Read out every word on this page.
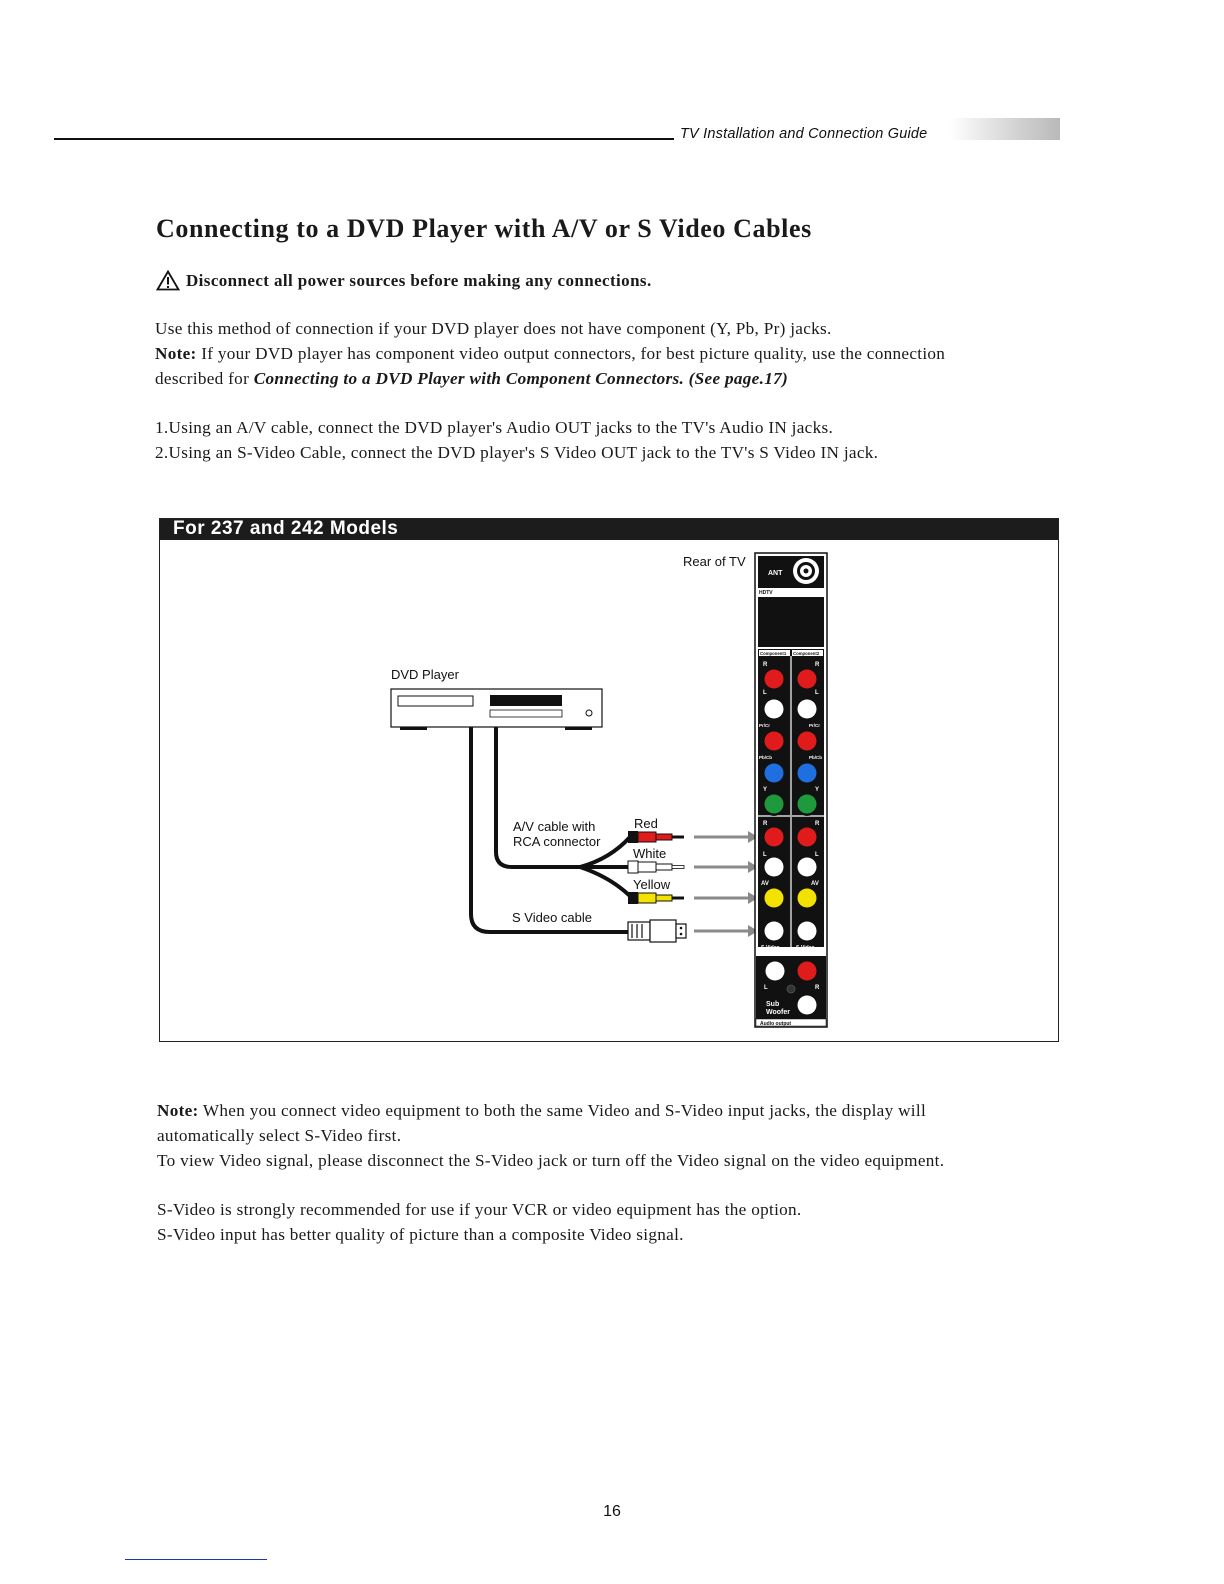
TV Installation and Connection Guide
Connecting to a DVD Player with A/V or S Video Cables
Disconnect all power sources before making any connections.

Use this method of connection if your DVD player does not have component (Y, Pb, Pr) jacks.

Note: If your DVD player has component video output connectors, for best picture quality, use the connection

described for Connecting to a DVD Player with Component Connectors. (See page.17)

1.Using an A/V cable, connect the DVD player's Audio OUT jacks to the TV's Audio IN jacks.

2.Using an S-Video Cable, connect the DVD player's S Video OUT jack to the TV's S Video IN jack.

For 237 and 242 Models
Rear of TV
DVD Player
A/V cable with
RCA connector
S Video cable
Red
White
Yellow
ANT
HDTV
Component1 Component2
R	R
L	L
Pr/Cr	Pr/Cr
Pb/Cb	Pb/Cb
Y	Y
R	R
L	L
AV	AV
S-Video	S-Video
L	R
Sub
Woofer
Audio output

Note: When you connect video equipment to both the same Video and S-Video input jacks, the display will

automatically select S-Video first.

To view Video signal, please disconnect the S-Video jack or turn off the Video signal on the video equipment.

S-Video is strongly recommended for use if your VCR or video equipment has the option.

S-Video input has better quality of picture than a composite Video signal.

16
